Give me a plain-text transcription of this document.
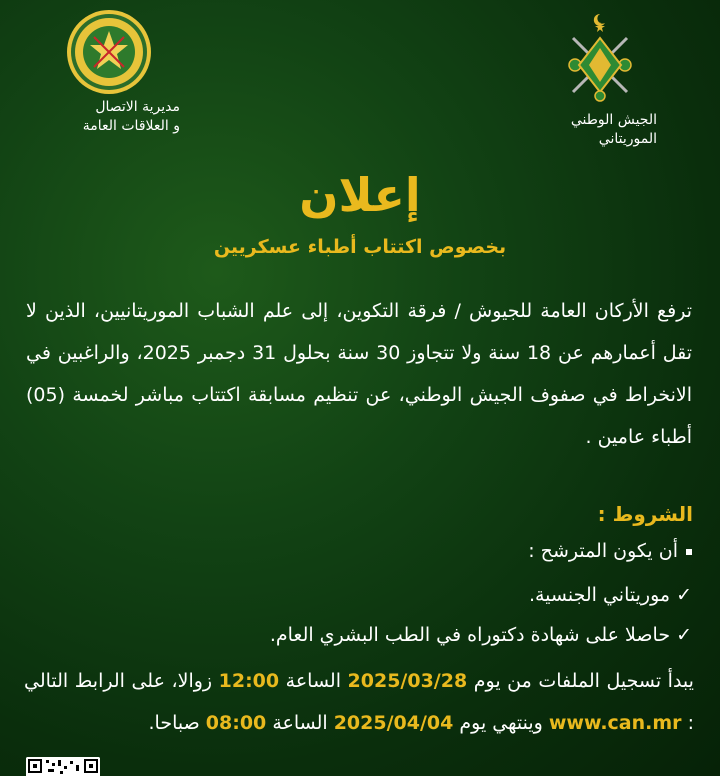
مديرية الاتصال
و العلاقات العامة	الجيش الوطني
الموريتاني
إعلان
بخصوص اكتتاب أطباء عسكريين
ترفع الأركان العامة للجيوش / فرقة التكوين، إلى علم الشباب الموريتانيين، الذين لا تقل أعمارهم عن 18 سنة ولا تتجاوز 30 سنة بحلول 31 دجمبر 2025، والراغبين في الانخراط في صفوف الجيش الوطني، عن تنظيم مسابقة اكتتاب مباشر لخمسة (05) أطباء عامين .
الشروط :
أن يكون المترشح :
✓موريتاني الجنسية.
✓حاصلا على شهادة دكتوراه في الطب البشري العام.
يبدأ تسجيل الملفات من يوم 2025/03/28 الساعة 12:00 زوالا، على الرابط التالي : www.can.mr وينتهي يوم 2025/04/04 الساعة 08:00 صباحا.
